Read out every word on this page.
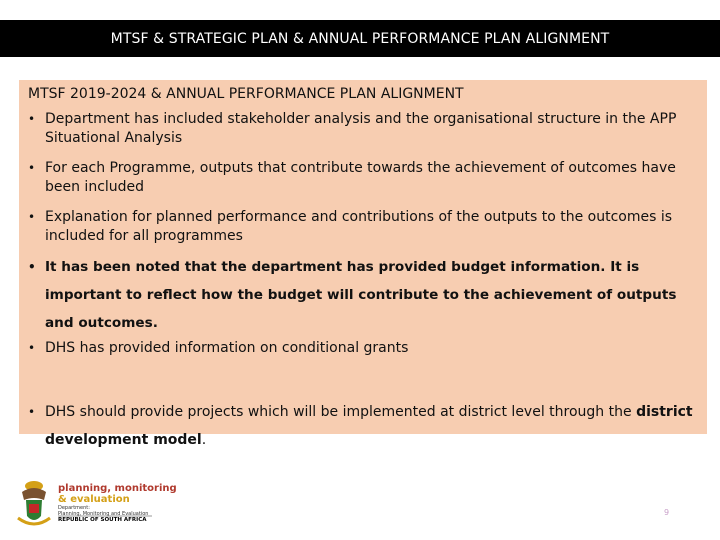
MTSF & STRATEGIC PLAN & ANNUAL PERFORMANCE PLAN ALIGNMENT
MTSF 2019-2024 & ANNUAL PERFORMANCE PLAN ALIGNMENT
• Department has included stakeholder analysis and the organisational structure in the APP Situational Analysis
• For each Programme, outputs that contribute towards the achievement of outcomes have been included
• Explanation for planned performance and contributions of the outputs to the outcomes is included for all programmes
• It has been noted that the department has provided budget information. It is important to reflect how the budget will contribute to the achievement of outputs and outcomes.
• DHS has provided information on conditional grants
• DHS should provide projects which will be implemented at district level through the district development model.
planning, monitoring
& evaluation
Department:
Planning, Monitoring and Evaluation
REPUBLIC OF SOUTH AFRICA
9
